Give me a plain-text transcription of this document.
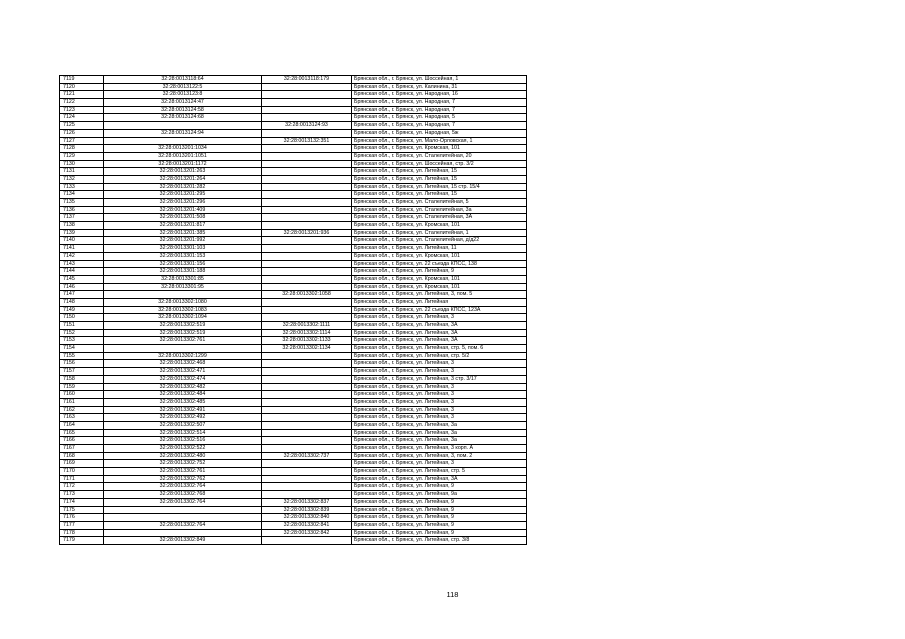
7119	32:28:0013118:64	32:28:0013118:179	Брянская обл., г. Брянск, ул. Шоссейная, 1
7120	32:28:0013122:5		Брянская обл., г. Брянск, ул. Калинина, 31
7121	32:28:0013123:8		Брянская обл., г. Брянск, ул. Народная, 16
7122	32:28:0013124:47		Брянская обл., г. Брянск, ул. Народная, 7
7123	32:28:0013124:58		Брянская обл., г. Брянск, ул. Народная, 7
7124	32:28:0013124:68		Брянская обл., г. Брянск, ул. Народная, 5
7125		32:28:0013124:93	Брянская обл., г. Брянск, ул. Народная, 7
7126	32:28:0013124:94		Брянская обл., г. Брянск, ул. Народная, 5ж
7127		32:28:0013132:351	Брянская обл., г. Брянск, ул. Мало-Орловская, 1
7128	32:28:0013201:1034		Брянская обл., г. Брянск, ул. Кромская, 101
7129	32:28:0013201:1051		Брянская обл., г. Брянск, ул. Сталелитейная, 20
7130	32:28:0013201:1172		Брянская обл., г. Брянск, ул. Шоссейная, стр. 3/2
7131	32:28:0013201:263		Брянская обл., г. Брянск, ул. Литейная, 15
7132	32:28:0013201:264		Брянская обл., г. Брянск, ул. Литейная, 15
7133	32:28:0013201:282		Брянская обл., г. Брянск, ул. Литейная, 15 стр. 15/4
7134	32:28:0013201:295		Брянская обл., г. Брянск, ул. Литейная, 15
7135	32:28:0013201:296		Брянская обл., г. Брянск, ул. Сталелитейная, 5
7136	32:28:0013201:409		Брянская обл., г. Брянск, ул. Сталелитейная, 3а
7137	32:28:0013201:508		Брянская обл., г. Брянск, ул. Сталелитейная, 3А
7138	32:28:0013201:817		Брянская обл., г. Брянск, ул. Кромская, 101
7139	32:28:0013201:385	32:28:0013201:936	Брянская обл., г. Брянск, ул. Сталелитейная, 1
7140	32:28:0013201:992		Брянская обл., г. Брянск, ул. Сталелитейная, д/д22
7141	32:28:0013301:103		Брянская обл., г. Брянск, ул. Литейная, 11
7142	32:28:0013301:153		Брянская обл., г. Брянск, ул. Кромская, 101
7143	32:28:0013301:156		Брянская обл., г. Брянск, ул. 22 съезда КПСС, 138
7144	32:28:0013301:188		Брянская обл., г. Брянск, ул. Литейная, 9
7145	32:28:0013301:85		Брянская обл., г. Брянск, ул. Кромская, 101
7146	32:28:0013301:95		Брянская обл., г. Брянск, ул. Кромская, 101
7147		32:28:0013302:1058	Брянская обл., г. Брянск, ул. Литейная, 3, пом. 5
7148	32:28:0013302:1080		Брянская обл., г. Брянск, ул. Литейная
7149	32:28:0013302:1083		Брянская обл., г. Брянск, ул. 22 съезда КПСС, 123А
7150	32:28:0013302:1094		Брянская обл., г. Брянск, ул. Литейная, 3
7151	32:28:0013302:519	32:28:0013302:1111	Брянская обл., г. Брянск, ул. Литейная, 3А
7152	32:28:0013302:519	32:28:0013302:1114	Брянская обл., г. Брянск, ул. Литейная, 3А
7153	32:28:0013302:761	32:28:0013302:1133	Брянская обл., г. Брянск, ул. Литейная, 3А
7154		32:28:0013302:1134	Брянская обл., г. Брянск, ул. Литейная, стр. 5, пом. 6
7155	32:28:0013302:1299		Брянская обл., г. Брянск, ул. Литейная, стр. 5/2
7156	32:28:0013302:468		Брянская обл., г. Брянск, ул. Литейная, 3
7157	32:28:0013302:471		Брянская обл., г. Брянск, ул. Литейная, 3
7158	32:28:0013302:474		Брянская обл., г. Брянск, ул. Литейная, 3 стр. 3/17
7159	32:28:0013302:482		Брянская обл., г. Брянск, ул. Литейная, 3
7160	32:28:0013302:484		Брянская обл., г. Брянск, ул. Литейная, 3
7161	32:28:0013302:485		Брянская обл., г. Брянск, ул. Литейная, 3
7162	32:28:0013302:491		Брянская обл., г. Брянск, ул. Литейная, 3
7163	32:28:0013302:492		Брянская обл., г. Брянск, ул. Литейная, 3
7164	32:28:0013302:507		Брянская обл., г. Брянск, ул. Литейная, 3а
7165	32:28:0013302:514		Брянская обл., г. Брянск, ул. Литейная, 3а
7166	32:28:0013302:516		Брянская обл., г. Брянск, ул. Литейная, 3а
7167	32:28:0013302:522		Брянская обл., г. Брянск, ул. Литейная, 3 корп. А
7168	32:28:0013302:480	32:28:0013302:737	Брянская обл., г. Брянск, ул. Литейная, 3, пом. 2
7169	32:28:0013302:752		Брянская обл., г. Брянск, ул. Литейная, 3
7170	32:28:0013302:761		Брянская обл., г. Брянск, ул. Литейная, стр. 5
7171	32:28:0013302:762		Брянская обл., г. Брянск, ул. Литейная, 3А
7172	32:28:0013302:764		Брянская обл., г. Брянск, ул. Литейная, 9
7173	32:28:0013302:768		Брянская обл., г. Брянск, ул. Литейная, 9а
7174	32:28:0013302:764	32:28:0013302:837	Брянская обл., г. Брянск, ул. Литейная, 9
7175		32:28:0013302:839	Брянская обл., г. Брянск, ул. Литейная, 9
7176		32:28:0013302:840	Брянская обл., г. Брянск, ул. Литейная, 9
7177	32:28:0013302:764	32:28:0013302:841	Брянская обл., г. Брянск, ул. Литейная, 9
7178		32:28:0013302:842	Брянская обл., г. Брянск, ул. Литейная, 9
7179	32:28:0013302:849		Брянская обл., г. Брянск, ул. Литейная, стр. 3/8
118
